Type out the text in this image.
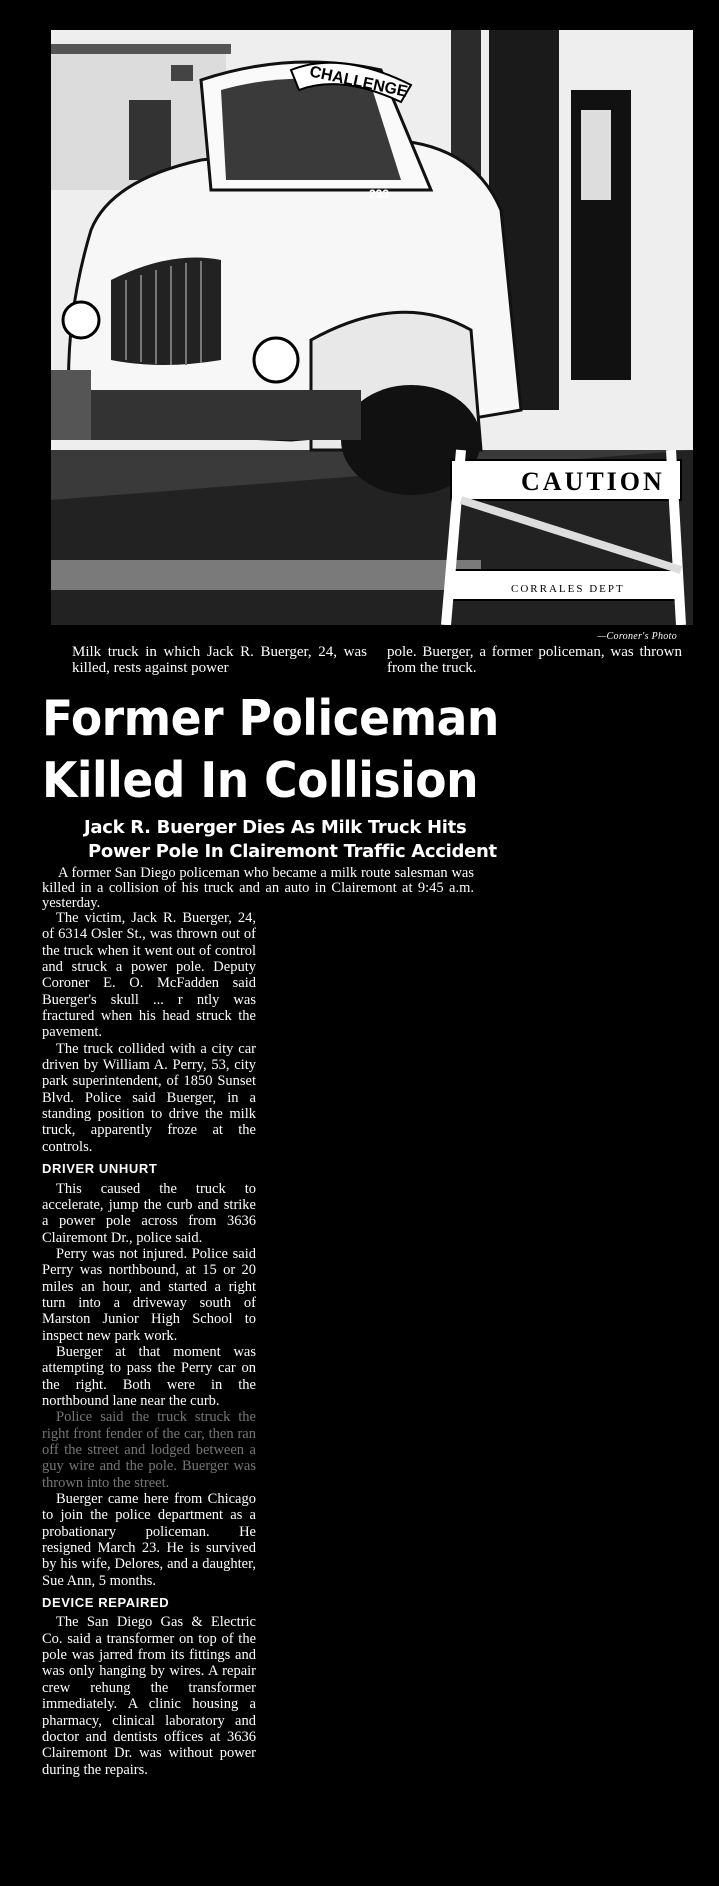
233
CHALLENGE
CAUTION
CORRALES DEPT
—Coroner's Photo
Milk truck in which Jack R. Buerger, 24, was killed, rests against power
pole. Buerger, a former policeman, was thrown from the truck.
Former Policeman
Killed In Collision
Jack R. Buerger Dies As Milk Truck Hits
Power Pole In Clairemont Traffic Accident
A former San Diego policeman who became a milk route salesman was killed in a collision of his truck and an auto in Clairemont at 9:45 a.m. yesterday.

The victim, Jack R. Buerger, 24, of 6314 Osler St., was thrown out of the truck when it went out of control and struck a power pole. Deputy Coroner E. O. McFadden said Buerger's skull ... r ntly was fractured when his head struck the pavement.

The truck collided with a city car driven by William A. Perry, 53, city park superintendent, of 1850 Sunset Blvd. Police said Buerger, in a standing position to drive the milk truck, apparently froze at the controls.

DRIVER UNHURT

This caused the truck to accelerate, jump the curb and strike a power pole across from 3636 Clairemont Dr., police said.

Perry was not injured. Police said Perry was northbound, at 15 or 20 miles an hour, and started a right turn into a driveway south of Marston Junior High School to inspect new park work.

Buerger at that moment was attempting to pass the Perry car on the right. Both were in the northbound lane near the curb.

Police said the truck struck the right front fender of the car, then ran off the street and lodged between a guy wire and the pole. Buerger was thrown into the street.

Buerger came here from Chicago to join the police department as a probationary policeman. He resigned March 23. He is survived by his wife, Delores, and a daughter, Sue Ann, 5 months.

DEVICE REPAIRED

The San Diego Gas & Electric Co. said a transformer on top of the pole was jarred from its fittings and was only hanging by wires. A repair crew rehung the transformer immediately. A clinic housing a pharmacy, clinical laboratory and doctor and dentists offices at 3636 Clairemont Dr. was without power during the repairs.
